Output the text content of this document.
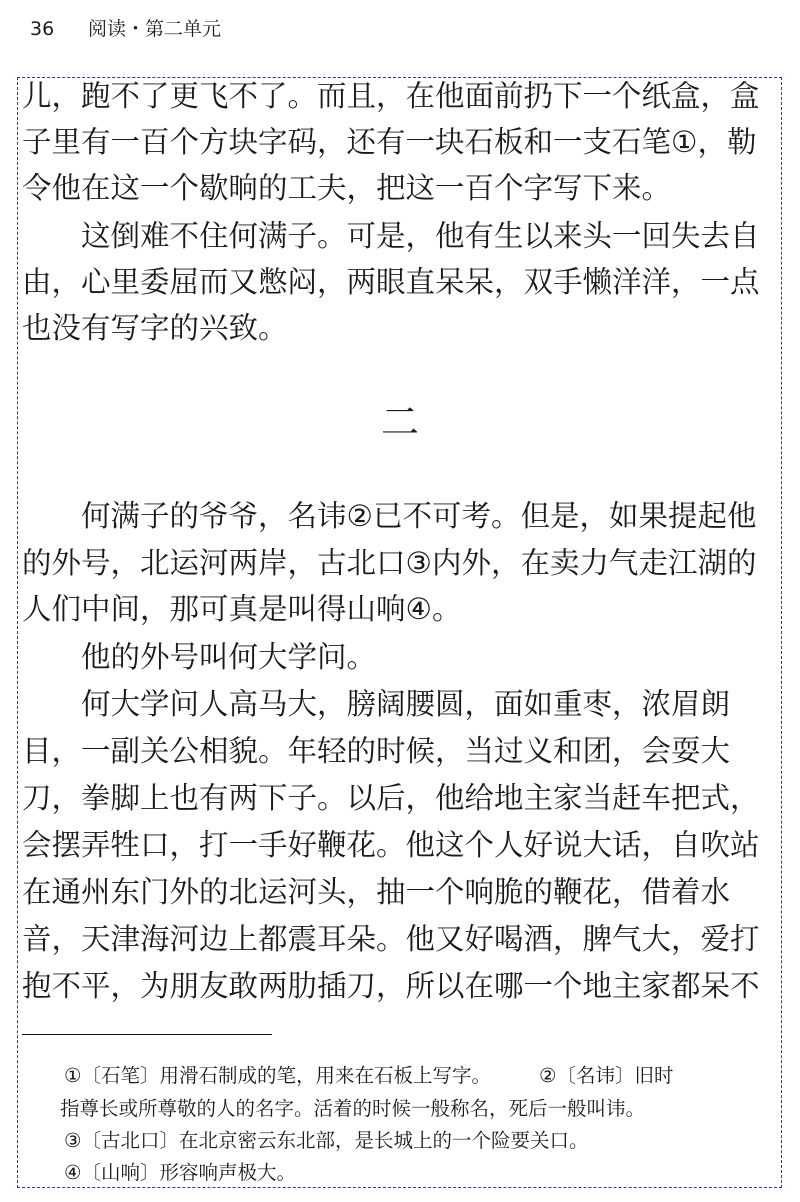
36 阅读・第二单元
儿，跑不了更飞不了。而且，在他面前扔下一个纸盒，盒
子里有一百个方块字码，还有一块石板和一支石笔①，勒
令他在这一个歇晌的工夫，把这一百个字写下来。
　　这倒难不住何满子。可是，他有生以来头一回失去自
由，心里委屈而又憋闷，两眼直呆呆，双手懒洋洋，一点
也没有写字的兴致。
二
　　何满子的爷爷，名讳②已不可考。但是，如果提起他
的外号，北运河两岸，古北口③内外，在卖力气走江湖的
人们中间，那可真是叫得山响④。
　　他的外号叫何大学问。
　　何大学问人高马大，膀阔腰圆，面如重枣，浓眉朗
目，一副关公相貌。年轻的时候，当过义和团，会耍大
刀，拳脚上也有两下子。以后，他给地主家当赶车把式，
会摆弄牲口，打一手好鞭花。他这个人好说大话，自吹站
在通州东门外的北运河头，抽一个响脆的鞭花，借着水
音，天津海河边上都震耳朵。他又好喝酒，脾气大，爱打
抱不平，为朋友敢两肋插刀，所以在哪一个地主家都呆不
①〔石笔〕用滑石制成的笔，用来在石板上写字。 ②〔名讳〕旧时
指尊长或所尊敬的人的名字。活着的时候一般称名，死后一般叫讳。
③〔古北口〕在北京密云东北部，是长城上的一个险要关口。
④〔山响〕形容响声极大。
